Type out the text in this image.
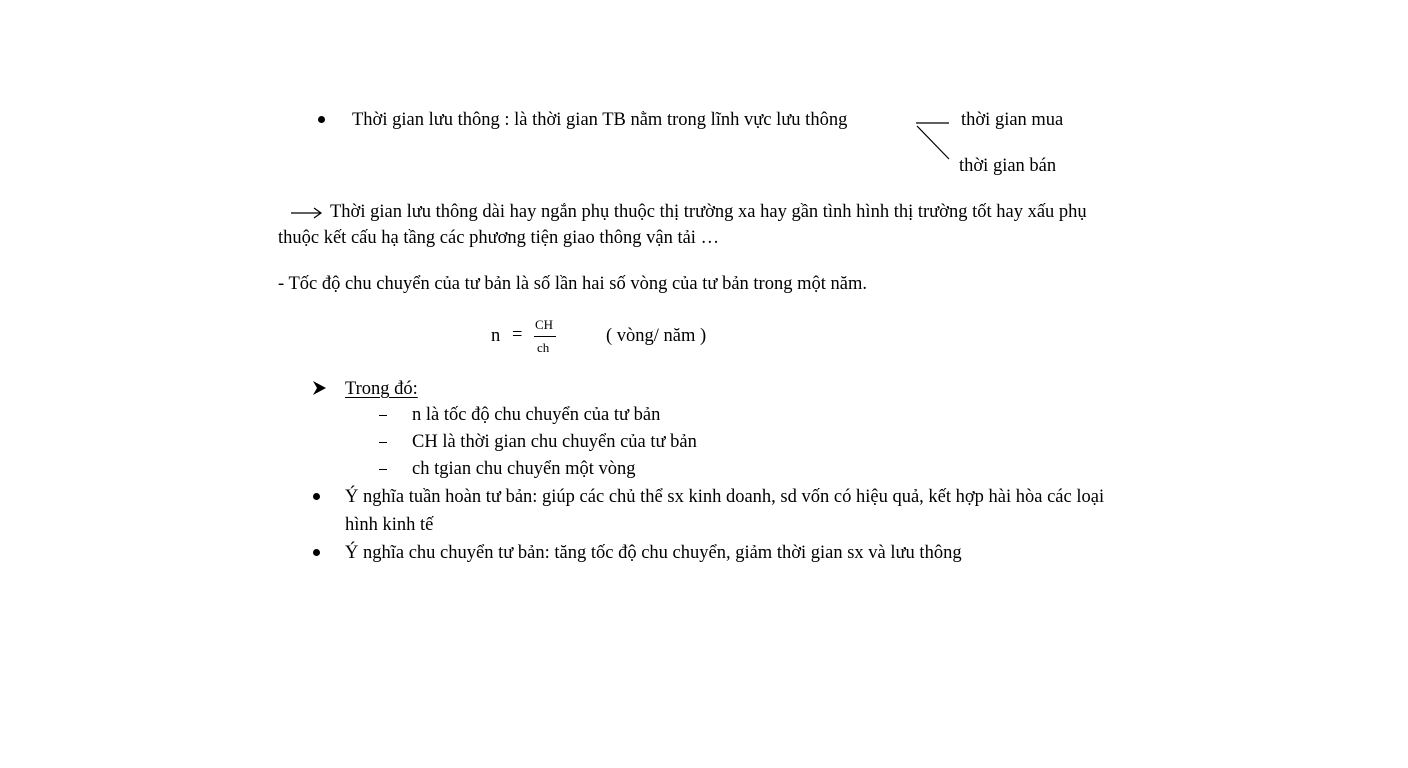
Thời gian lưu thông : là thời gian TB nằm trong lĩnh vực lưu thông	thời gian mua
thời gian bán
Thời gian lưu thông dài hay ngắn phụ thuộc thị trường xa hay gần tình hình thị trường tốt hay xấu phụ
thuộc kết cấu hạ tầng các phương tiện giao thông vận tải …
- Tốc độ chu chuyển của tư bản là số lần hai số vòng của tư bản trong một năm.
n =
CH
ch
( vòng/ năm )
Trong đó:
n là tốc độ chu chuyển của tư bản
CH là thời gian chu chuyển của tư bản
ch tgian chu chuyển một vòng
Ý nghĩa tuần hoàn tư bản: giúp các chủ thể sx kinh doanh, sd vốn có hiệu quả, kết hợp hài hòa các loại
hình kinh tế
Ý nghĩa chu chuyển tư bản: tăng tốc độ chu chuyển, giảm thời gian sx và lưu thông
